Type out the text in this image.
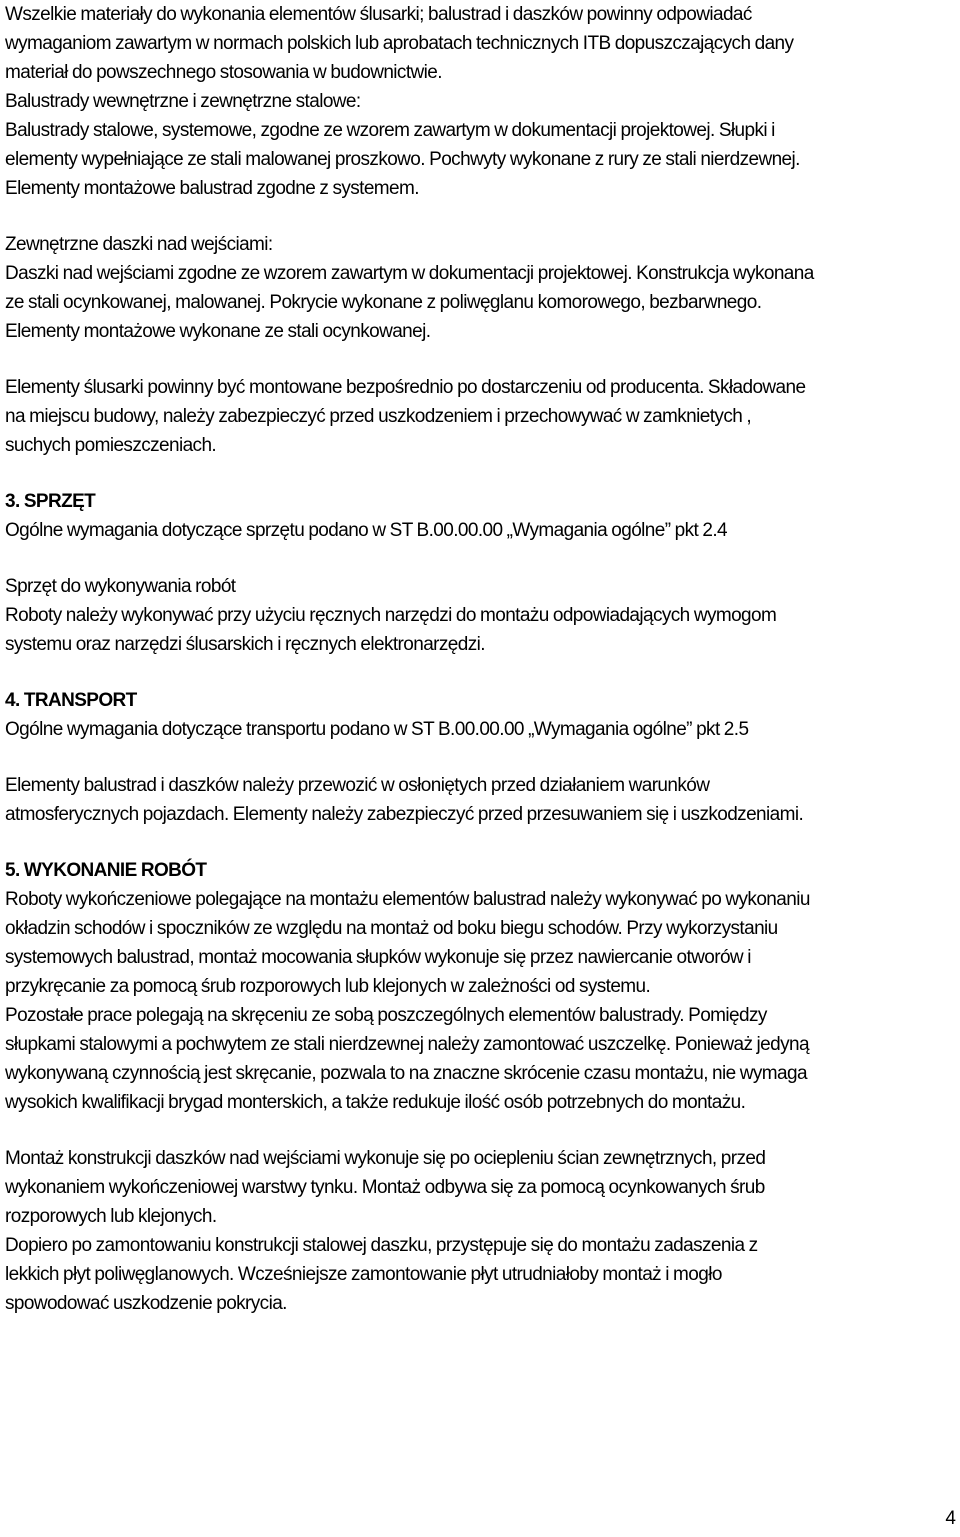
Wszelkie materiały do wykonania elementów ślusarki; balustrad i daszków powinny odpowiadać

wymaganiom zawartym w normach polskich lub aprobatach technicznych ITB dopuszczających dany

materiał do powszechnego stosowania w budownictwie.

Balustrady wewnętrzne i zewnętrzne stalowe:

Balustrady stalowe, systemowe, zgodne ze wzorem zawartym w dokumentacji projektowej. Słupki i

elementy wypełniające ze stali malowanej proszkowo. Pochwyty wykonane z rury ze stali nierdzewnej.

Elementy montażowe balustrad zgodne z systemem.

Zewnętrzne daszki nad wejściami:

Daszki nad wejściami zgodne ze wzorem zawartym w dokumentacji projektowej. Konstrukcja wykonana

ze stali ocynkowanej, malowanej. Pokrycie wykonane z poliwęglanu komorowego, bezbarwnego.

Elementy montażowe wykonane ze stali ocynkowanej.

Elementy ślusarki powinny być montowane bezpośrednio po dostarczeniu od producenta. Składowane

na miejscu budowy, należy zabezpieczyć przed uszkodzeniem i przechowywać w zamknietych ,

suchych pomieszczeniach.

3. SPRZĘT

Ogólne wymagania dotyczące sprzętu podano w ST B.00.00.00 „Wymagania ogólne” pkt 2.4

Sprzęt do wykonywania robót

Roboty należy wykonywać przy użyciu ręcznych narzędzi do montażu odpowiadających wymogom

systemu oraz narzędzi ślusarskich i ręcznych elektronarzędzi.

4. TRANSPORT

Ogólne wymagania dotyczące transportu podano w ST B.00.00.00 „Wymagania ogólne” pkt 2.5

Elementy balustrad i daszków należy przewozić w osłoniętych przed działaniem warunków

atmosferycznych pojazdach. Elementy należy zabezpieczyć przed przesuwaniem się i uszkodzeniami.

5. WYKONANIE ROBÓT

Roboty wykończeniowe polegające na montażu elementów balustrad należy wykonywać po wykonaniu

okładzin schodów i spoczników ze względu na montaż od boku biegu schodów. Przy wykorzystaniu

systemowych balustrad, montaż mocowania słupków wykonuje się przez nawiercanie otworów i

przykręcanie za pomocą śrub rozporowych lub klejonych w zależności od systemu.

Pozostałe prace polegają na skręceniu ze sobą poszczególnych elementów balustrady. Pomiędzy

słupkami stalowymi a pochwytem ze stali nierdzewnej należy zamontować uszczelkę. Ponieważ jedyną

wykonywaną czynnością jest skręcanie, pozwala to na znaczne skrócenie czasu montażu, nie wymaga

wysokich kwalifikacji brygad monterskich, a także redukuje ilość osób potrzebnych do montażu.

Montaż konstrukcji daszków nad wejściami wykonuje się po ociepleniu ścian zewnętrznych, przed

wykonaniem wykończeniowej warstwy tynku. Montaż odbywa się za pomocą ocynkowanych śrub

rozporowych lub klejonych.

Dopiero po zamontowaniu konstrukcji stalowej daszku, przystępuje się do montażu zadaszenia z

lekkich płyt poliwęglanowych. Wcześniejsze zamontowanie płyt utrudniałoby montaż i mogło

spowodować uszkodzenie pokrycia.

4
